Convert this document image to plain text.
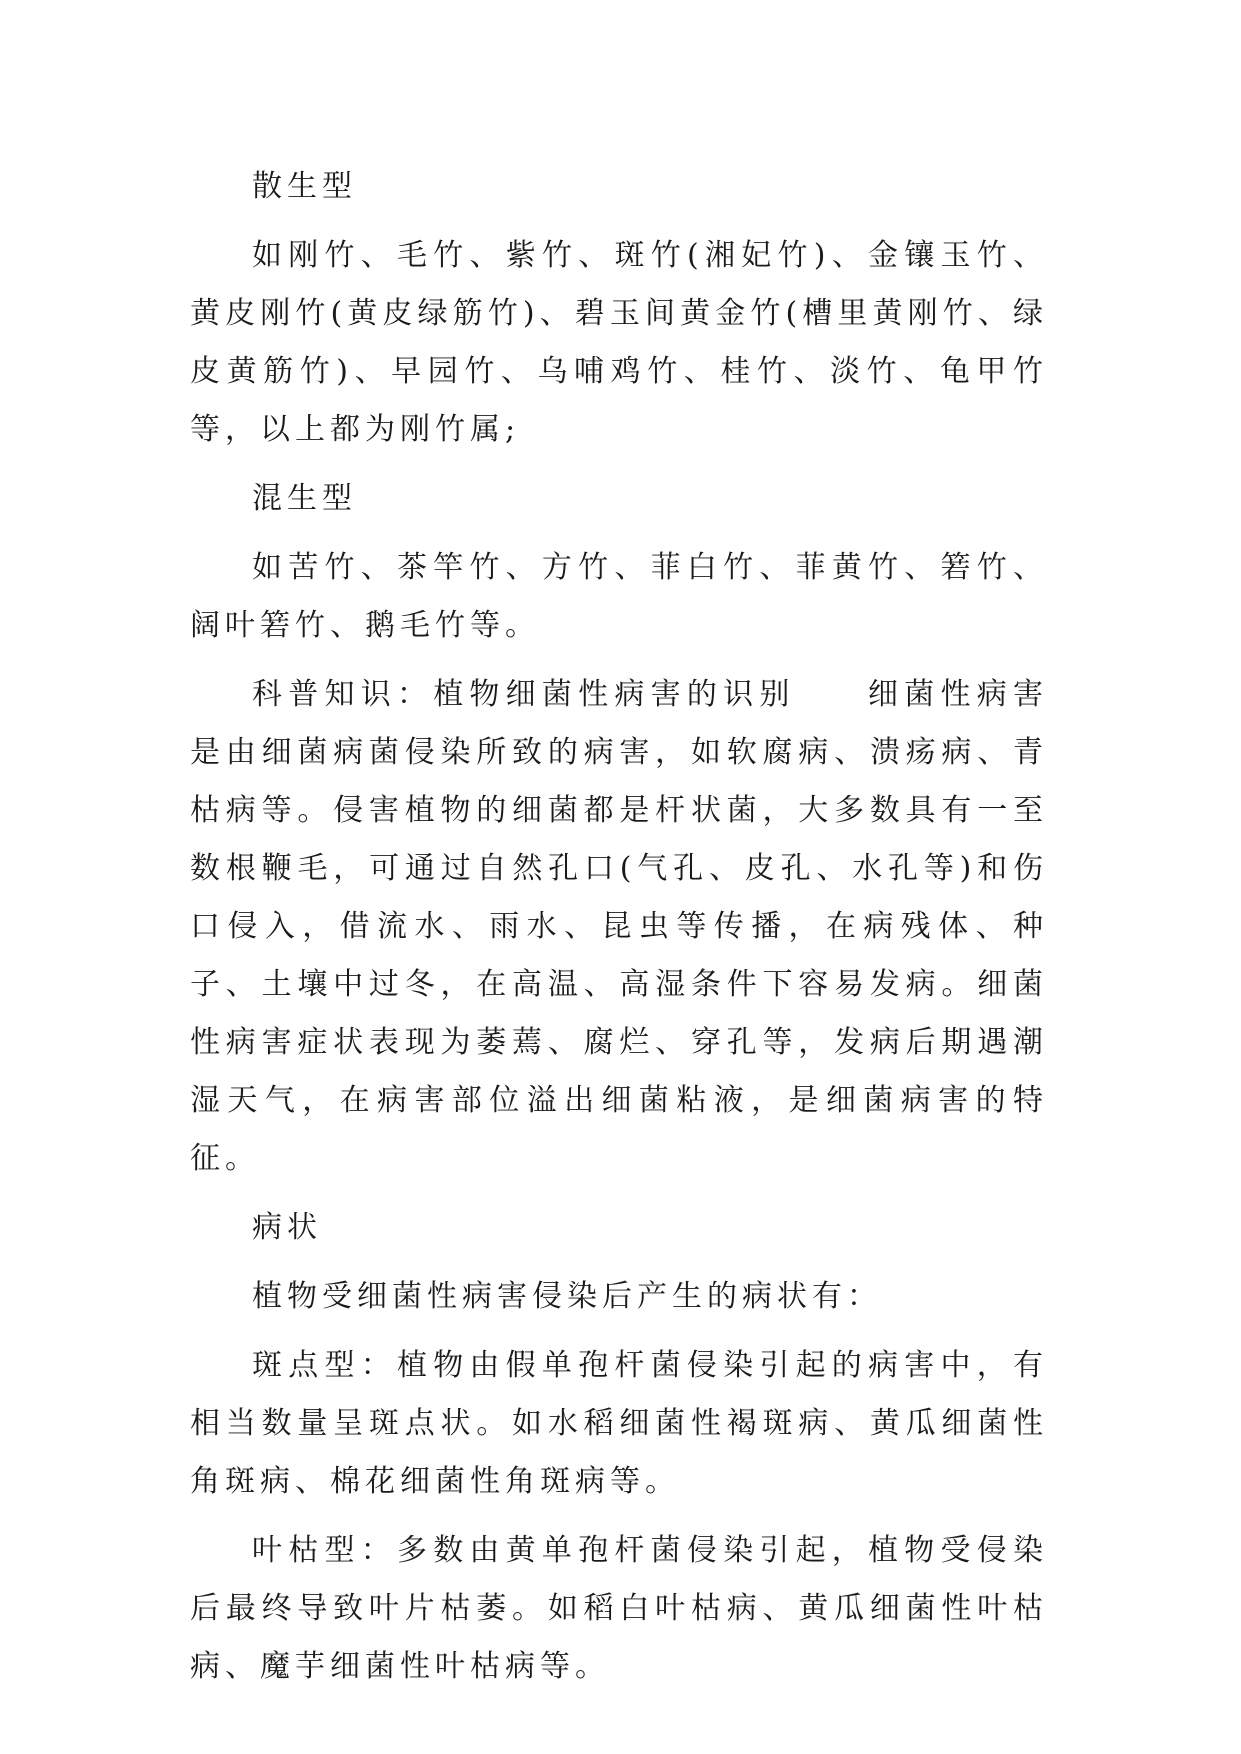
散生型

如刚竹、毛竹、紫竹、斑竹(湘妃竹)、金镶玉竹、黄皮刚竹(黄皮绿筋竹)、碧玉间黄金竹(槽里黄刚竹、绿皮黄筋竹)、早园竹、乌哺鸡竹、桂竹、淡竹、龟甲竹等，以上都为刚竹属;

混生型

如苦竹、茶竿竹、方竹、菲白竹、菲黄竹、箬竹、阔叶箬竹、鹅毛竹等。

科普知识：植物细菌性病害的识别　　细菌性病害是由细菌病菌侵染所致的病害，如软腐病、溃疡病、青枯病等。侵害植物的细菌都是杆状菌，大多数具有一至数根鞭毛，可通过自然孔口(气孔、皮孔、水孔等)和伤口侵入，借流水、雨水、昆虫等传播，在病残体、种子、土壤中过冬，在高温、高湿条件下容易发病。细菌性病害症状表现为萎蔫、腐烂、穿孔等，发病后期遇潮湿天气，在病害部位溢出细菌粘液，是细菌病害的特征。

病状

植物受细菌性病害侵染后产生的病状有：

斑点型：植物由假单孢杆菌侵染引起的病害中，有相当数量呈斑点状。如水稻细菌性褐斑病、黄瓜细菌性角斑病、棉花细菌性角斑病等。

叶枯型：多数由黄单孢杆菌侵染引起，植物受侵染后最终导致叶片枯萎。如稻白叶枯病、黄瓜细菌性叶枯病、魔芋细菌性叶枯病等。
